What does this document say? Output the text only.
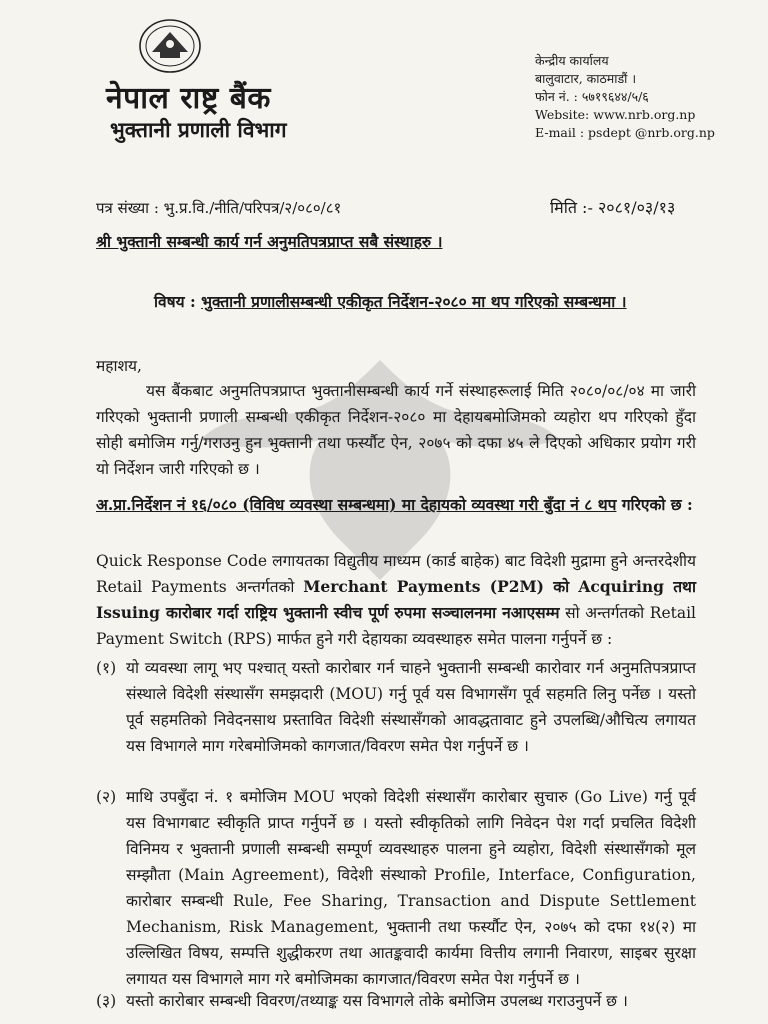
नेपाल राष्ट्र बैंक
भुक्तानी प्रणाली विभाग
केन्द्रीय कार्यालय
बालुवाटार, काठमाडौं ।
फोन नं. : ५७१९६४४/५/६
Website: www.nrb.org.np
E-mail : psdept @nrb.org.np
पत्र संख्या : भु.प्र.वि./नीति/परिपत्र/२/०८०/८१	मिति :- २०८१/०३/१३
श्री भुक्तानी सम्बन्धी कार्य गर्न अनुमतिपत्रप्राप्त सबै संस्थाहरु ।
विषय : भुक्तानी प्रणालीसम्बन्धी एकीकृत निर्देशन-२०८० मा थप गरिएको सम्बन्धमा ।
महाशय,
यस बैंकबाट अनुमतिपत्रप्राप्त भुक्तानीसम्बन्धी कार्य गर्ने संस्थाहरूलाई मिति २०८०/०८/०४ मा जारी गरिएको भुक्तानी प्रणाली सम्बन्धी एकीकृत निर्देशन-२०८० मा देहायबमोजिमको व्यहोरा थप गरिएको हुँदा सोही बमोजिम गर्नु/गराउनु हुन भुक्तानी तथा फर्स्यौट ऐन, २०७५ को दफा ४५ ले दिएको अधिकार प्रयोग गरी यो निर्देशन जारी गरिएको छ ।
अ.प्रा.निर्देशन नं १६/०८० (विविध व्यवस्था सम्बन्धमा) मा देहायको व्यवस्था गरी बुँदा नं ८ थप गरिएको छ :
Quick Response Code लगायतका विद्युतीय माध्यम (कार्ड बाहेक) बाट विदेशी मुद्रामा हुने अन्तरदेशीय Retail Payments अन्तर्गतको Merchant Payments (P2M) को Acquiring तथा Issuing कारोबार गर्दा राष्ट्रिय भुक्तानी स्वीच पूर्ण रुपमा सञ्चालनमा नआएसम्म सो अन्तर्गतको Retail Payment Switch (RPS) मार्फत हुने गरी देहायका व्यवस्थाहरु समेत पालना गर्नुपर्ने छ :
(१) यो व्यवस्था लागू भए पश्चात् यस्तो कारोबार गर्न चाहने भुक्तानी सम्बन्धी कारोवार गर्न अनुमतिपत्रप्राप्त संस्थाले विदेशी संस्थासँग समझदारी (MOU) गर्नु पूर्व यस विभागसँग पूर्व सहमति लिनु पर्नेछ । यस्तो पूर्व सहमतिको निवेदनसाथ प्रस्तावित विदेशी संस्थासँगको आवद्धतावाट हुने उपलब्धि/औचित्य लगायत यस विभागले माग गरेबमोजिमको कागजात/विवरण समेत पेश गर्नुपर्ने छ ।
(२) माथि उपबुँदा नं. १ बमोजिम MOU भएको विदेशी संस्थासँग कारोबार सुचारु (Go Live) गर्नु पूर्व यस विभागबाट स्वीकृति प्राप्त गर्नुपर्ने छ । यस्तो स्वीकृतिको लागि निवेदन पेश गर्दा प्रचलित विदेशी विनिमय र भुक्तानी प्रणाली सम्बन्धी सम्पूर्ण व्यवस्थाहरु पालना हुने व्यहोरा, विदेशी संस्थासँगको मूल सम्झौता (Main Agreement), विदेशी संस्थाको Profile, Interface, Configuration, कारोबार सम्बन्धी Rule, Fee Sharing, Transaction and Dispute Settlement Mechanism, Risk Management, भुक्तानी तथा फर्स्यौट ऐन, २०७५ को दफा १४(२) मा उल्लिखित विषय, सम्पत्ति शुद्धीकरण तथा आतङ्कवादी कार्यमा वित्तीय लगानी निवारण, साइबर सुरक्षा लगायत यस विभागले माग गरे बमोजिमका कागजात/विवरण समेत पेश गर्नुपर्ने छ ।
(३) यस्तो कारोबार सम्बन्धी विवरण/तथ्याङ्क यस विभागले तोके बमोजिम उपलब्ध गराउनुपर्ने छ ।
